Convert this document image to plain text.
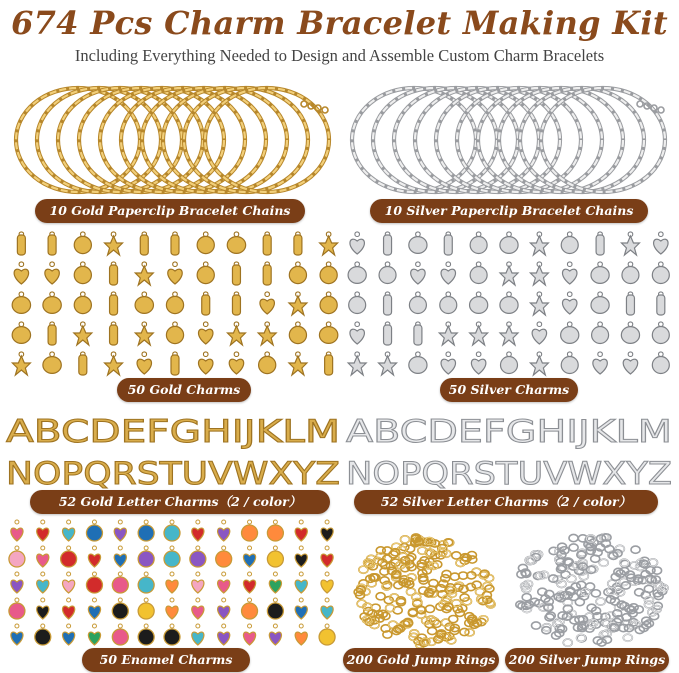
674 Pcs Charm Bracelet Making Kit
Including Everything Needed to Design and Assemble Custom Charm Bracelets
ABCDEFGHIJKLM
NOPQRSTUVWXYZ
ABCDEFGHIJKLM
NOPQRSTUVWXYZ
10 Gold Paperclip Bracelet Chains	10 Silver Paperclip Bracelet Chains
50 Gold Charms	50 Silver Charms
52 Gold Letter Charms（2 / color）	52 Silver Letter Charms（2 / color）
50 Enamel Charms	200 Gold Jump Rings	200 Silver Jump Rings
